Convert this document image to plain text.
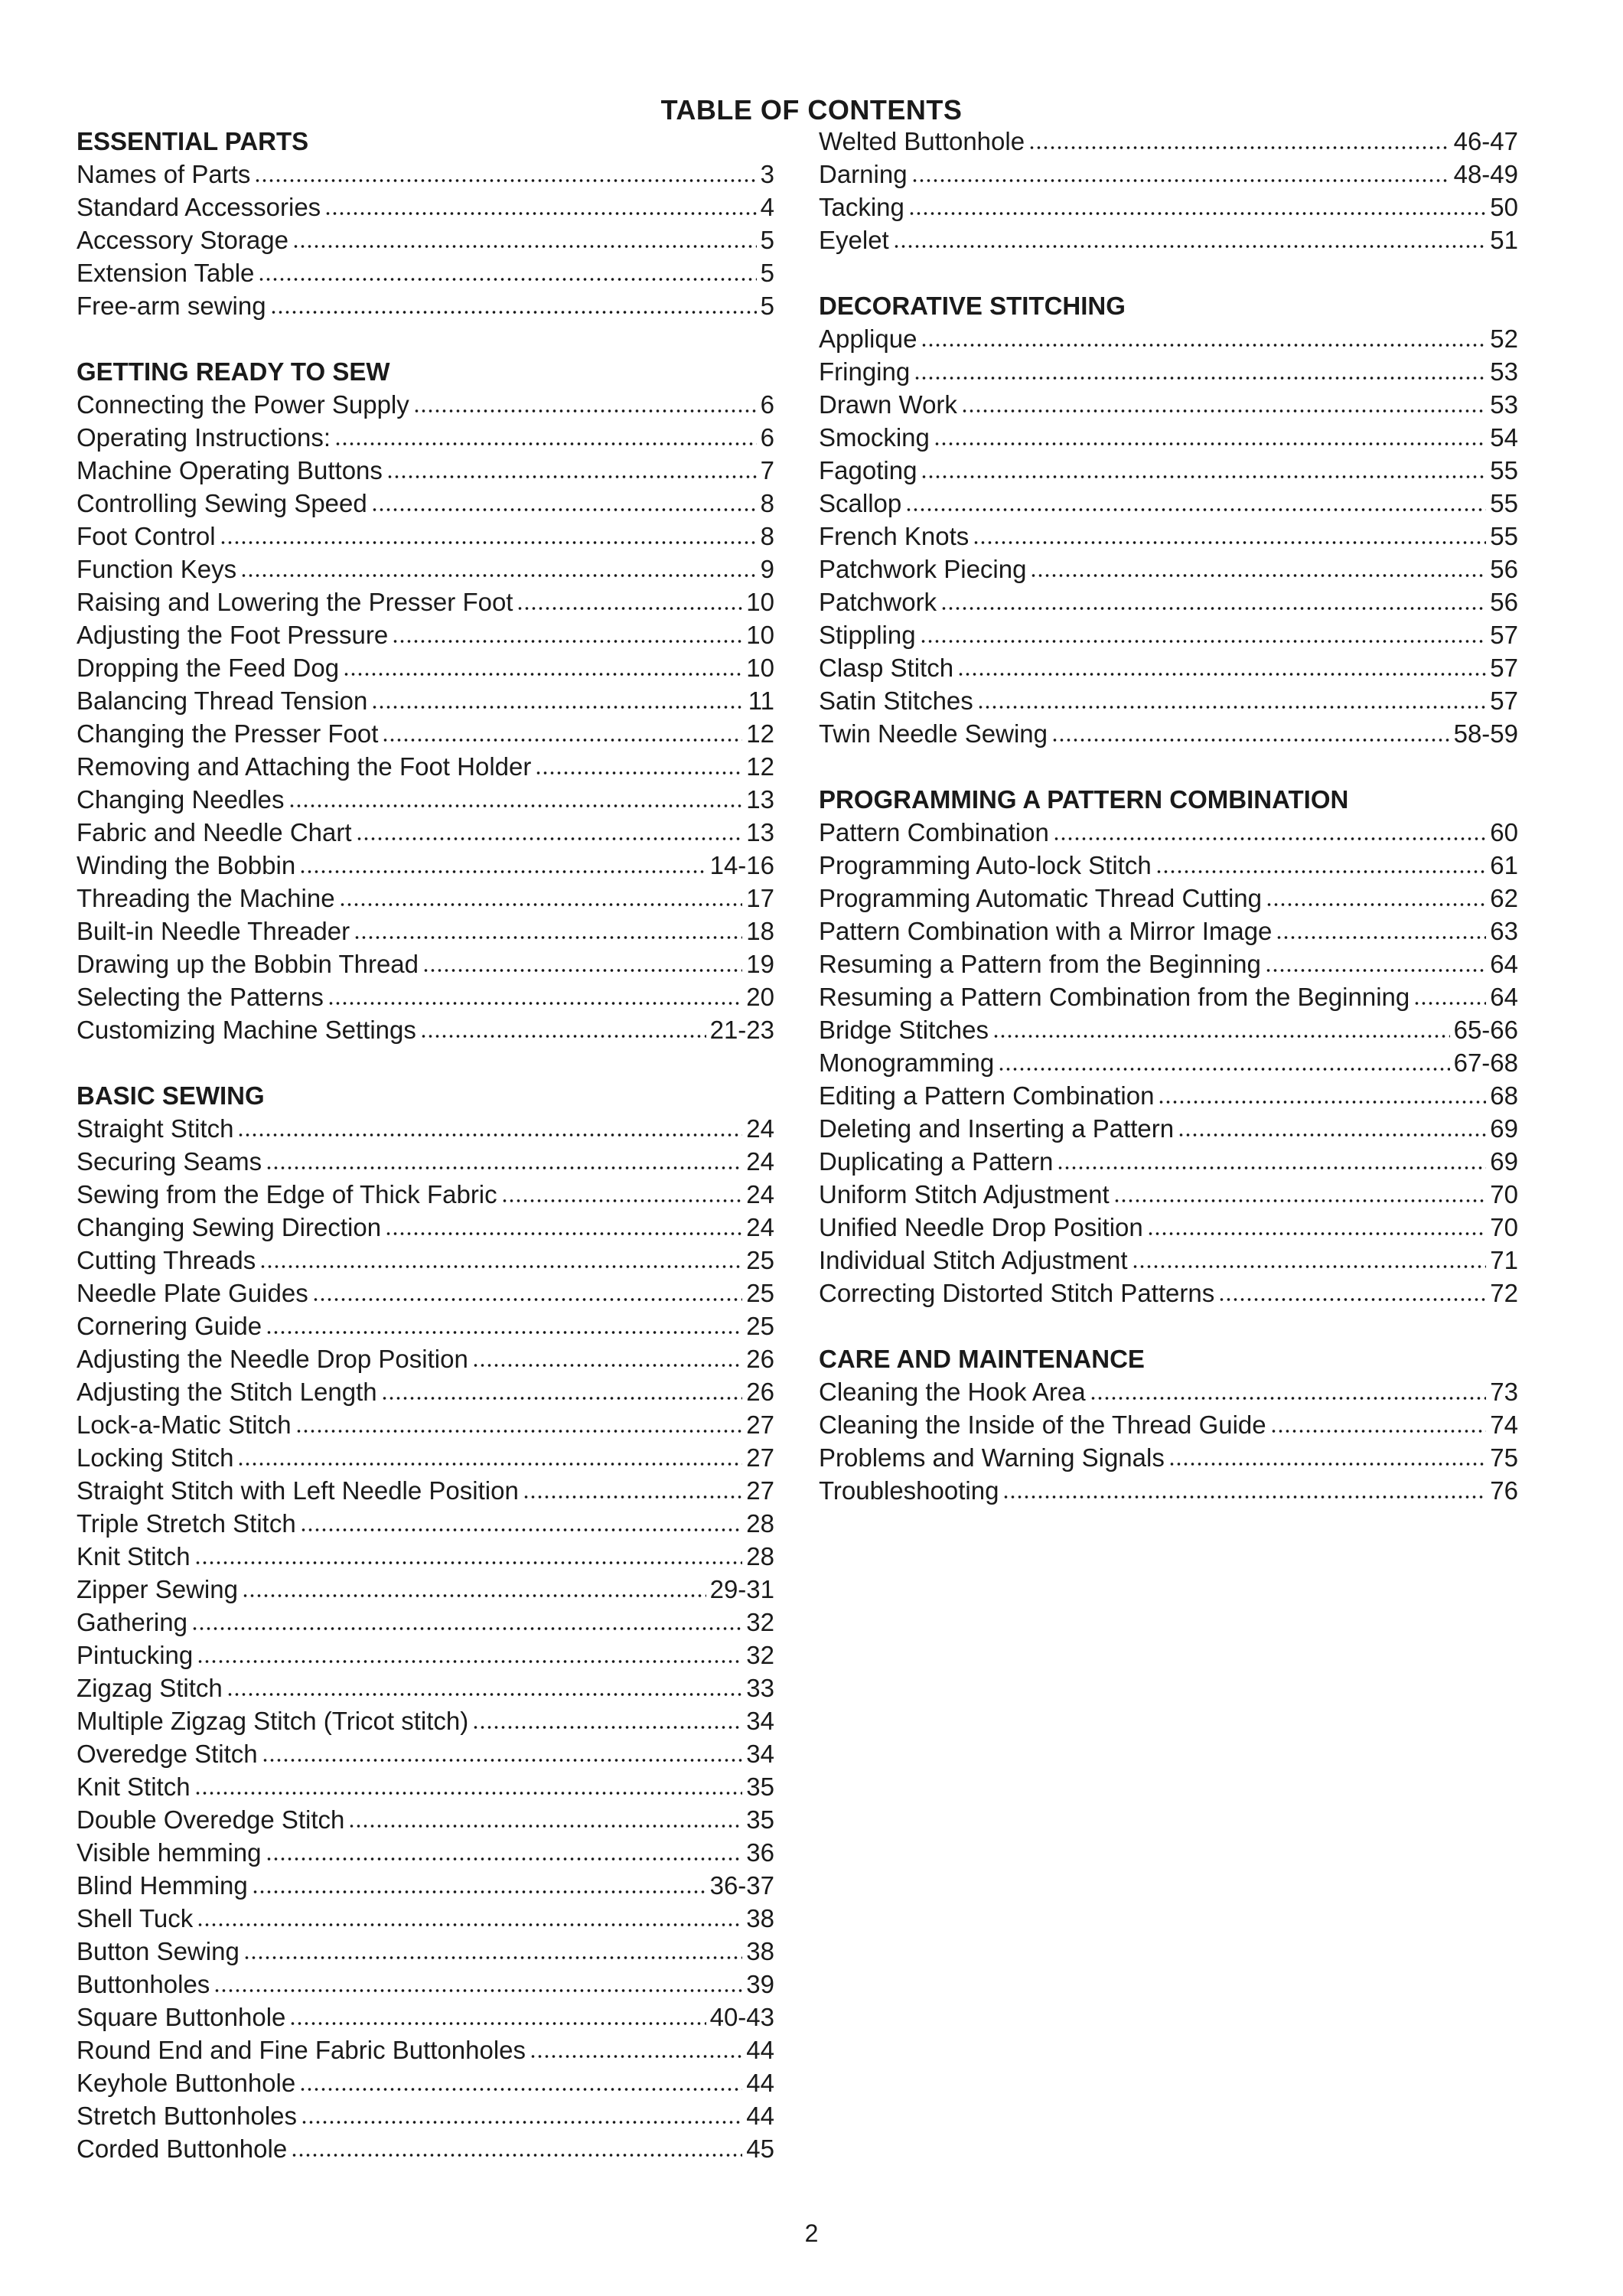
TABLE OF CONTENTS
ESSENTIAL PARTS
Names of Parts	3
Standard Accessories	4
Accessory Storage	5
Extension Table	5
Free-arm sewing	5
GETTING READY TO SEW
Connecting the Power Supply	6
Operating Instructions:	6
Machine Operating Buttons	7
Controlling Sewing Speed	8
Foot Control	8
Function Keys	9
Raising and Lowering the Presser Foot	10
Adjusting the Foot Pressure	10
Dropping the Feed Dog	10
Balancing Thread Tension	11
Changing the Presser Foot	12
Removing and Attaching the Foot Holder	12
Changing Needles	13
Fabric and Needle Chart	13
Winding the Bobbin	14-16
Threading the Machine	17
Built-in Needle Threader	18
Drawing up the Bobbin Thread	19
Selecting the Patterns	20
Customizing Machine Settings	21-23
BASIC SEWING
Straight Stitch	24
Securing Seams	24
Sewing from the Edge of Thick Fabric	24
Changing Sewing Direction	24
Cutting Threads	25
Needle Plate Guides	25
Cornering Guide	25
Adjusting the Needle Drop Position	26
Adjusting the Stitch Length	26
Lock-a-Matic Stitch	27
Locking Stitch	27
Straight Stitch with Left Needle Position	27
Triple Stretch Stitch	28
Knit Stitch	28
Zipper Sewing	29-31
Gathering	32
Pintucking	32
Zigzag Stitch	33
Multiple Zigzag Stitch (Tricot stitch)	34
Overedge Stitch	34
Knit Stitch	35
Double Overedge Stitch	35
Visible hemming	36
Blind Hemming	36-37
Shell Tuck	38
Button Sewing	38
Buttonholes	39
Square Buttonhole	40-43
Round End and Fine Fabric Buttonholes	44
Keyhole Buttonhole	44
Stretch Buttonholes	44
Corded Buttonhole	45
Welted Buttonhole	46-47
Darning	48-49
Tacking	50
Eyelet	51
DECORATIVE STITCHING
Applique	52
Fringing	53
Drawn Work	53
Smocking	54
Fagoting	55
Scallop	55
French Knots	55
Patchwork Piecing	56
Patchwork	56
Stippling	57
Clasp Stitch	57
Satin Stitches	57
Twin Needle Sewing	58-59
PROGRAMMING A PATTERN COMBINATION
Pattern Combination	60
Programming Auto-lock Stitch	61
Programming Automatic Thread Cutting	62
Pattern Combination with a Mirror Image	63
Resuming a Pattern from the Beginning	64
Resuming a Pattern Combination from the Beginning	64
Bridge Stitches	65-66
Monogramming	67-68
Editing a Pattern Combination	68
Deleting and Inserting a Pattern	69
Duplicating a Pattern	69
Uniform Stitch Adjustment	70
Unified Needle Drop Position	70
Individual Stitch Adjustment	71
Correcting Distorted Stitch Patterns	72
CARE AND MAINTENANCE
Cleaning the Hook Area	73
Cleaning the Inside of the Thread Guide	74
Problems and Warning Signals	75
Troubleshooting	76
2
